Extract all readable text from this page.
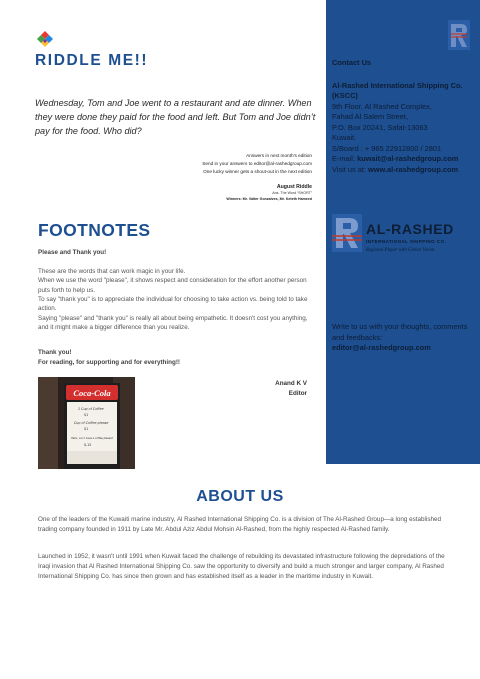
Contact Us
Al-Rashed International Shipping Co. (KSCC)
9th Floor, Al Rashed Complex,
Fahad Al Salem Street,
P.O. Box 20241, Safat-13063
Kuwait.
S/Board : + 965 22912800 / 2801
E-mail: kuwait@al-rashedgroup.com
Visit us at: www.al-rashedgroup.com
AL-RASHED
INTERNATIONAL SHIPPING CO.
Regional Player with Global Vision
Write to us with your thoughts, comments and feedbacks:
editor@al-rashedgroup.com
RIDDLE ME!!
Wednesday, Tom and Joe went to a restaurant and ate dinner. When they were done they paid for the food and left. But Tom and Joe didn’t pay for the food. Who did?
Answers in next month’s edition
Send in your answers to editor@al-rashedgroup.com
One lucky winner gets a shout-out in the next edition
August Riddle
Ans. The Word “SHORT”
Winners: Mr. Valter Gonzalves, Mr. Keteth Hameed
FOOTNOTES
Please and Thank you!
These are the words that can work magic in your life.
When we use the word "please", it shows respect and consideration for the effort another person puts forth to help us.
To say "thank you" is to appreciate the individual for choosing to take action vs. being told to take action.
Saying "please" and "thank you" is really all about being empathetic. It doesn't cost you anything, and it might make a bigger difference than you realize.
Thank you!
For reading, for supporting and for everything!!
Anand K V
Editor
Coca-Cola
1 Cup of Coffee
$1
Cup of Coffee please
$1
Hello, can I have a coffee please?
$.15
ABOUT US
One of the leaders of the Kuwaiti marine industry, Al Rashed International Shipping Co. is a division of The Al-Rashed Group—a long established trading company founded in 1911 by Late Mr. Abdul Aziz Abdul Mohsin Al-Rashed, from the highly respected Al-Rashed family.
Launched in 1952, it wasn't until 1991 when Kuwait faced the challenge of rebuilding its devastated infrastructure following the depredations of the Iraqi invasion that Al Rashed International Shipping Co. saw the opportunity to diversify and build a much stronger and larger company, Al Rashed International Shipping Co. has since then grown and has established itself as a leader in the maritime industry in Kuwait.
